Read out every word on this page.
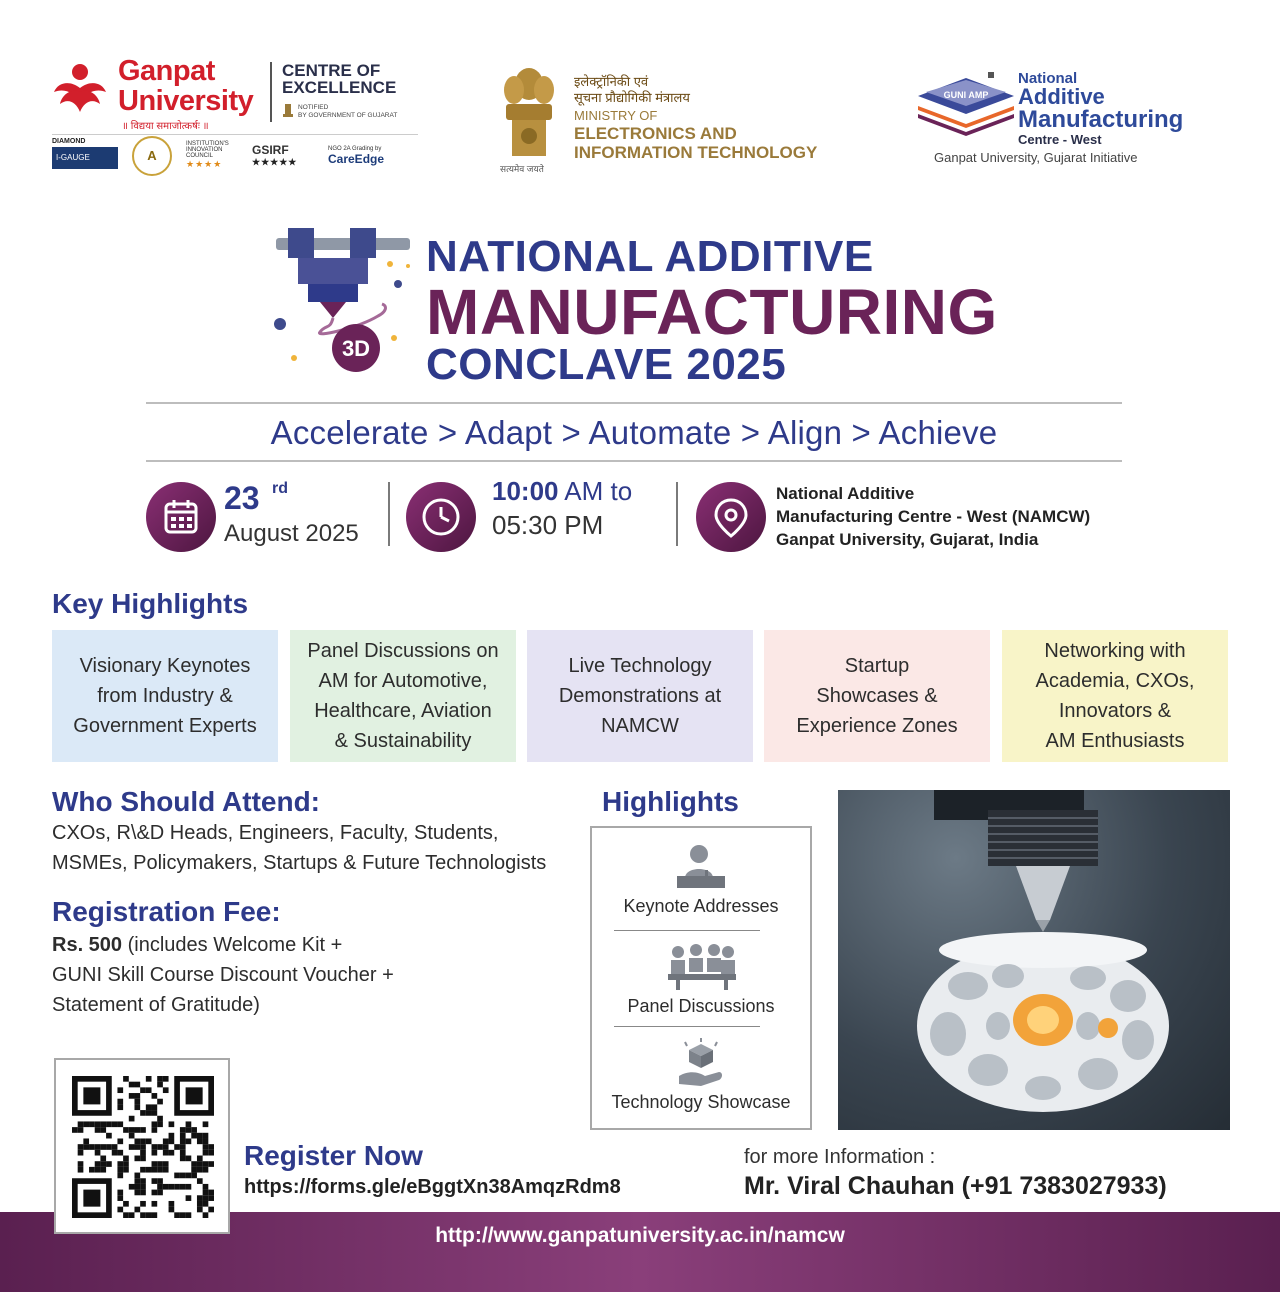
Ganpat
University
॥ विद्यया समाजोत्कर्षः ॥
CENTRE OF
EXCELLENCE
NOTIFIED
BY GOVERNMENT OF GUJARAT
DIAMOND
I-GAUGE	A
INSTITUTION'S INNOVATION COUNCIL
★★★★
GSIRF
★★★★★
NGO 2A Grading by
CareEdge
सत्यमेव जयते
इलेक्ट्रॉनिकी एवं
सूचना प्रौद्योगिकी मंत्रालय
MINISTRY OF
ELECTRONICS AND
INFORMATION TECHNOLOGY
GUNI AMP
National
Additive
Manufacturing
Centre - West
Ganpat University, Gujarat Initiative
3D
NATIONAL ADDITIVE
MANUFACTURING
CONCLAVE 2025
Accelerate > Adapt > Automate > Align > Achieve
23 rd
August 2025
10:00 AM to
05:30 PM
National Additive
Manufacturing Centre - West (NAMCW)
Ganpat University, Gujarat, India
Key Highlights
Visionary Keynotes
from Industry &
Government Experts
Panel Discussions on
AM for Automotive,
Healthcare, Aviation
& Sustainability
Live Technology
Demonstrations at
NAMCW
Startup
Showcases &
Experience Zones
Networking with
Academia, CXOs,
Innovators &
AM Enthusiasts
Who Should Attend:
CXOs, R\&D Heads, Engineers, Faculty, Students,
MSMEs, Policymakers, Startups & Future Technologists
Registration Fee:
Rs. 500 (includes Welcome Kit +
GUNI Skill Course Discount Voucher +
Statement of Gratitude)
Highlights
Keynote Addresses
Panel Discussions
Technology Showcase
http://www.ganpatuniversity.ac.in/namcw
Register Now
https://forms.gle/eBggtXn38AmqzRdm8
for more Information :
Mr. Viral Chauhan (+91 7383027933)
